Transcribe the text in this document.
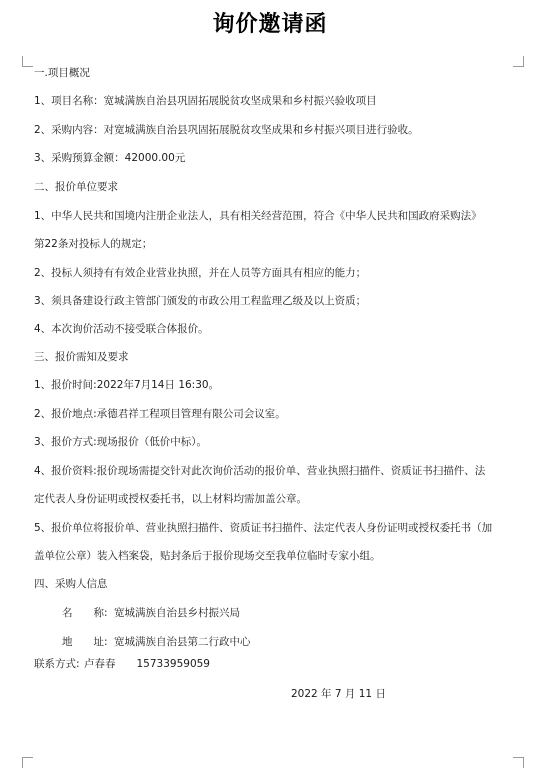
询价邀请函
一.项目概况
1、项目名称：宽城满族自治县巩固拓展脱贫攻坚成果和乡村振兴验收项目
2、采购内容：对宽城满族自治县巩固拓展脱贫攻坚成果和乡村振兴项目进行验收。
3、采购预算金额：42000.00元
二、报价单位要求
1、中华人民共和国境内注册企业法人，具有相关经营范围，符合《中华人民共和国政府采购法》
第22条对投标人的规定；
2、投标人须持有有效企业营业执照，并在人员等方面具有相应的能力；
3、须具备建设行政主管部门颁发的市政公用工程监理乙级及以上资质；
4、本次询价活动不接受联合体报价。
三、报价需知及要求
1、报价时间:2022年7月14日 16:30。
2、报价地点:承德君祥工程项目管理有限公司会议室。
3、报价方式:现场报价（低价中标）。
4、报价资料:报价现场需提交针对此次询价活动的报价单、营业执照扫描件、资质证书扫描件、法
定代表人身份证明或授权委托书，以上材料均需加盖公章。
5、报价单位将报价单、营业执照扫描件、资质证书扫描件、法定代表人身份证明或授权委托书（加
盖单位公章）装入档案袋，贴封条后于报价现场交至我单位临时专家小组。
四、采购人信息
名　　称: 宽城满族自治县乡村振兴局
地　　址: 宽城满族自治县第二行政中心
联系方式: 卢春春　　15733959059
2022 年 7 月 11 日
